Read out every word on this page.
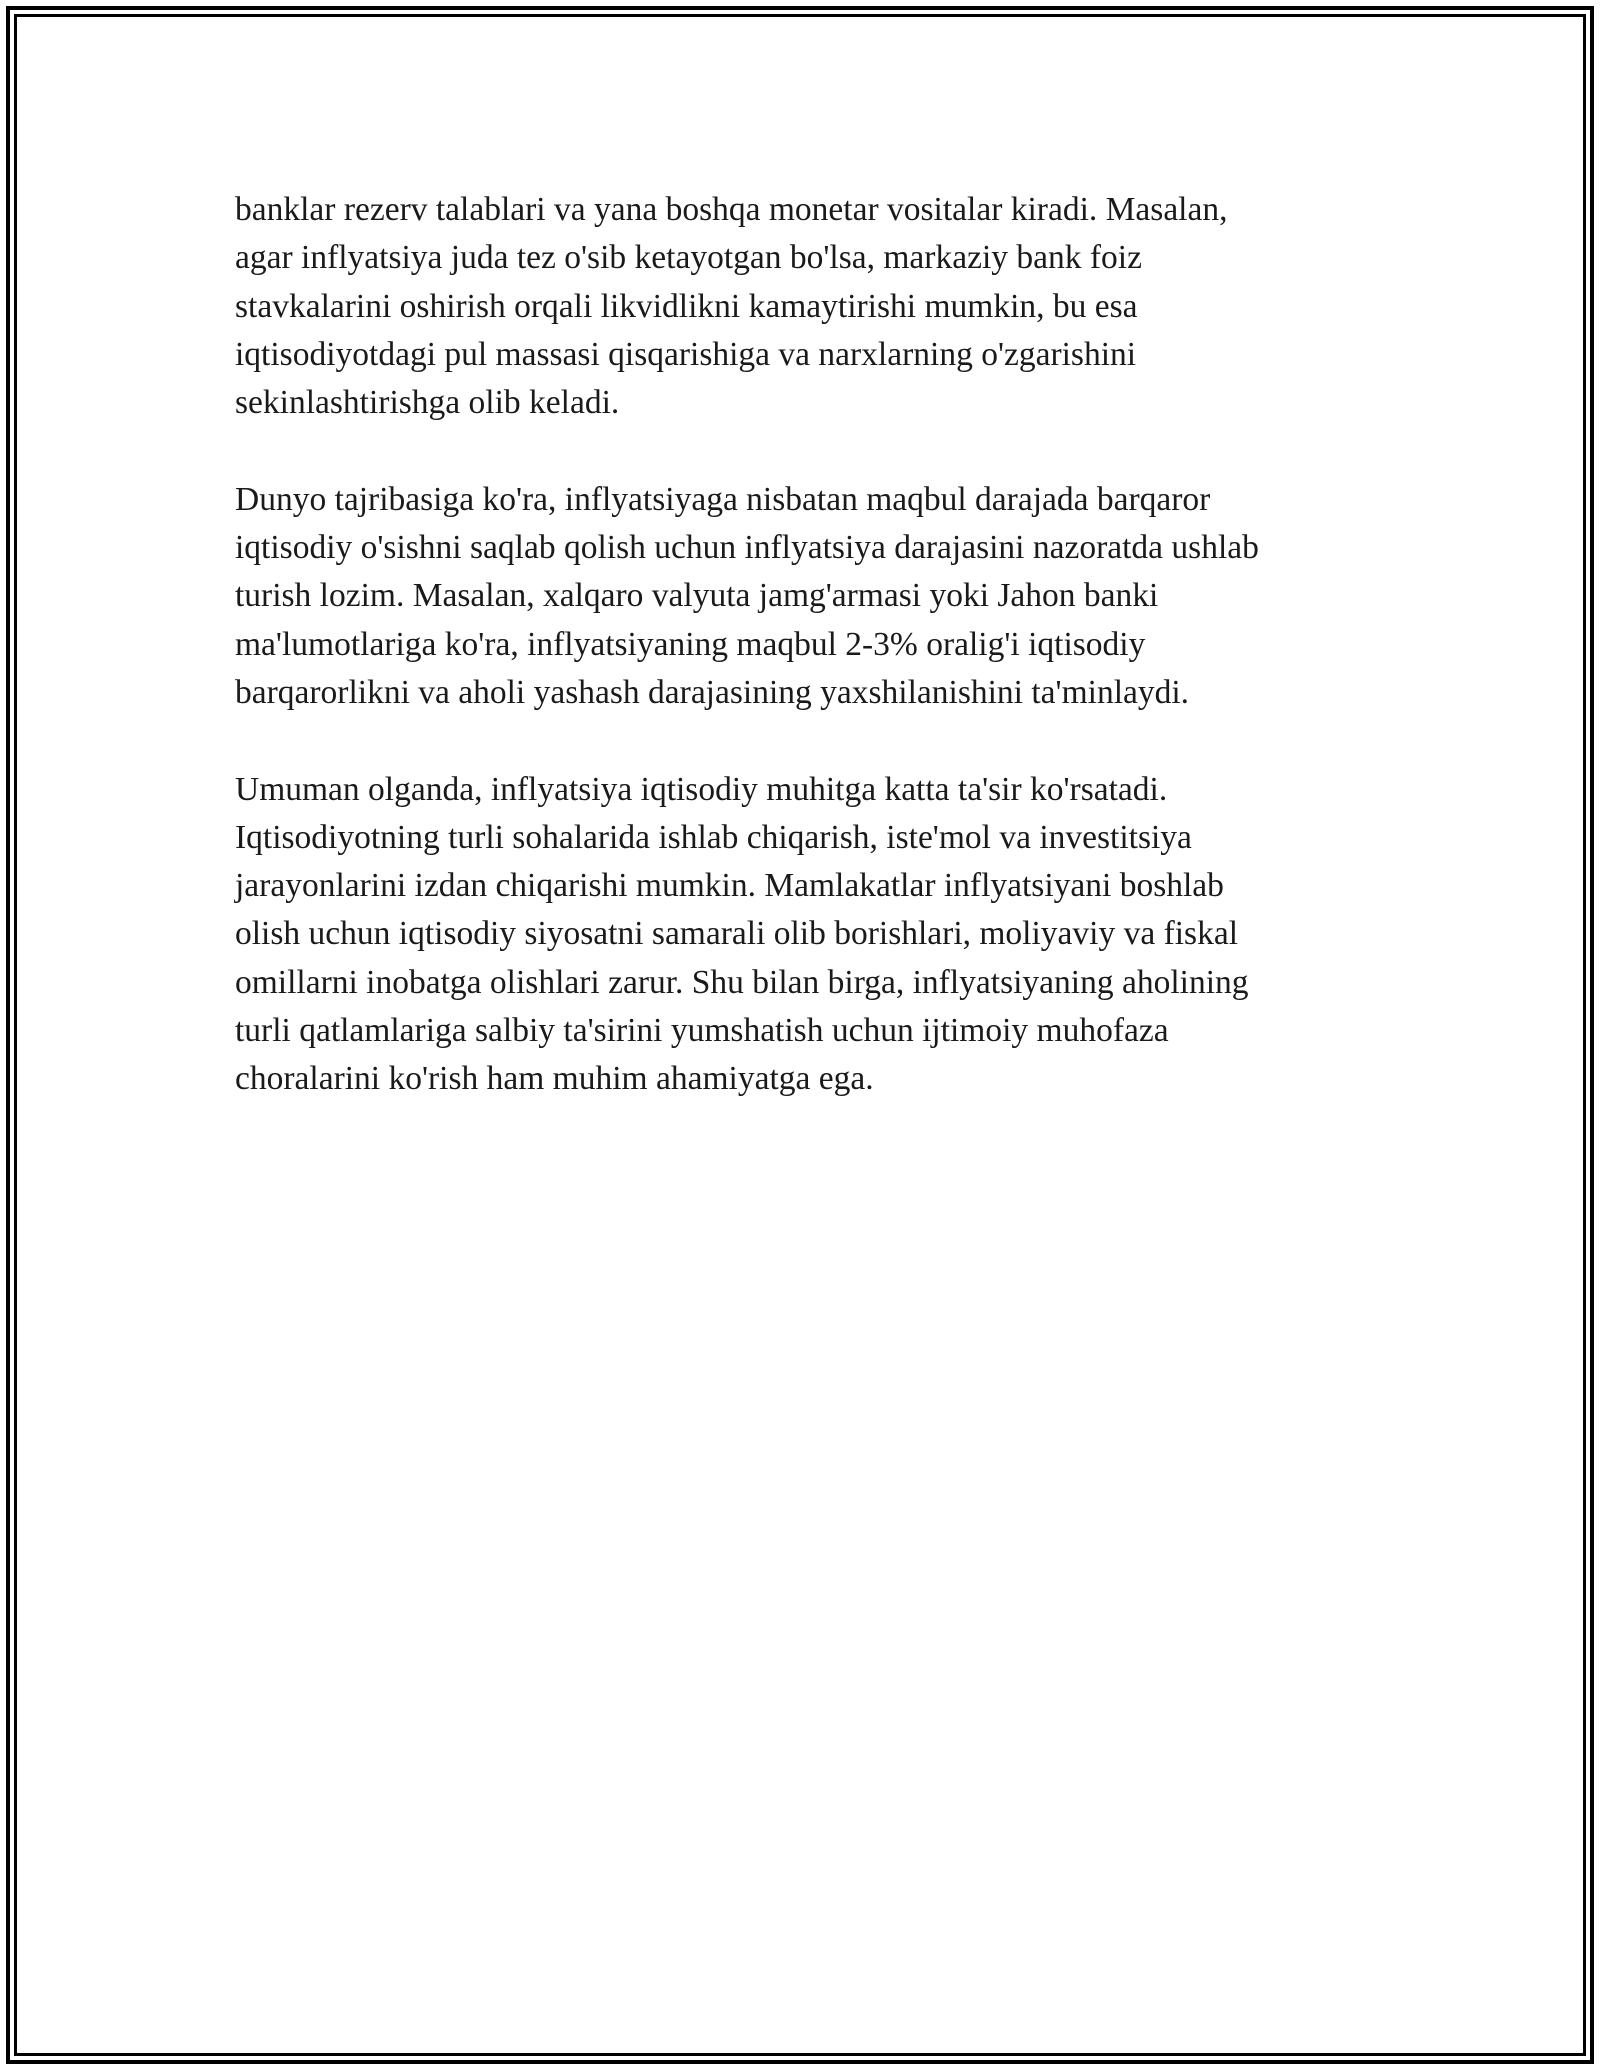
banklar rezerv talablari va yana boshqa monetar vositalar kiradi. Masalan,
agar inflyatsiya juda tez o'sib ketayotgan bo'lsa, markaziy bank foiz
stavkalarini oshirish orqali likvidlikni kamaytirishi mumkin, bu esa
iqtisodiyotdagi pul massasi qisqarishiga va narxlarning o'zgarishini
sekinlashtirishga olib keladi.

Dunyo tajribasiga ko'ra, inflyatsiyaga nisbatan maqbul darajada barqaror
iqtisodiy o'sishni saqlab qolish uchun inflyatsiya darajasini nazoratda ushlab
turish lozim. Masalan, xalqaro valyuta jamg'armasi yoki Jahon banki
ma'lumotlariga ko'ra, inflyatsiyaning maqbul 2-3% oralig'i iqtisodiy
barqarorlikni va aholi yashash darajasining yaxshilanishini ta'minlaydi.

Umuman olganda, inflyatsiya iqtisodiy muhitga katta ta'sir ko'rsatadi.
Iqtisodiyotning turli sohalarida ishlab chiqarish, iste'mol va investitsiya
jarayonlarini izdan chiqarishi mumkin. Mamlakatlar inflyatsiyani boshlab
olish uchun iqtisodiy siyosatni samarali olib borishlari, moliyaviy va fiskal
omillarni inobatga olishlari zarur. Shu bilan birga, inflyatsiyaning aholining
turli qatlamlariga salbiy ta'sirini yumshatish uchun ijtimoiy muhofaza
choralarini ko'rish ham muhim ahamiyatga ega.
